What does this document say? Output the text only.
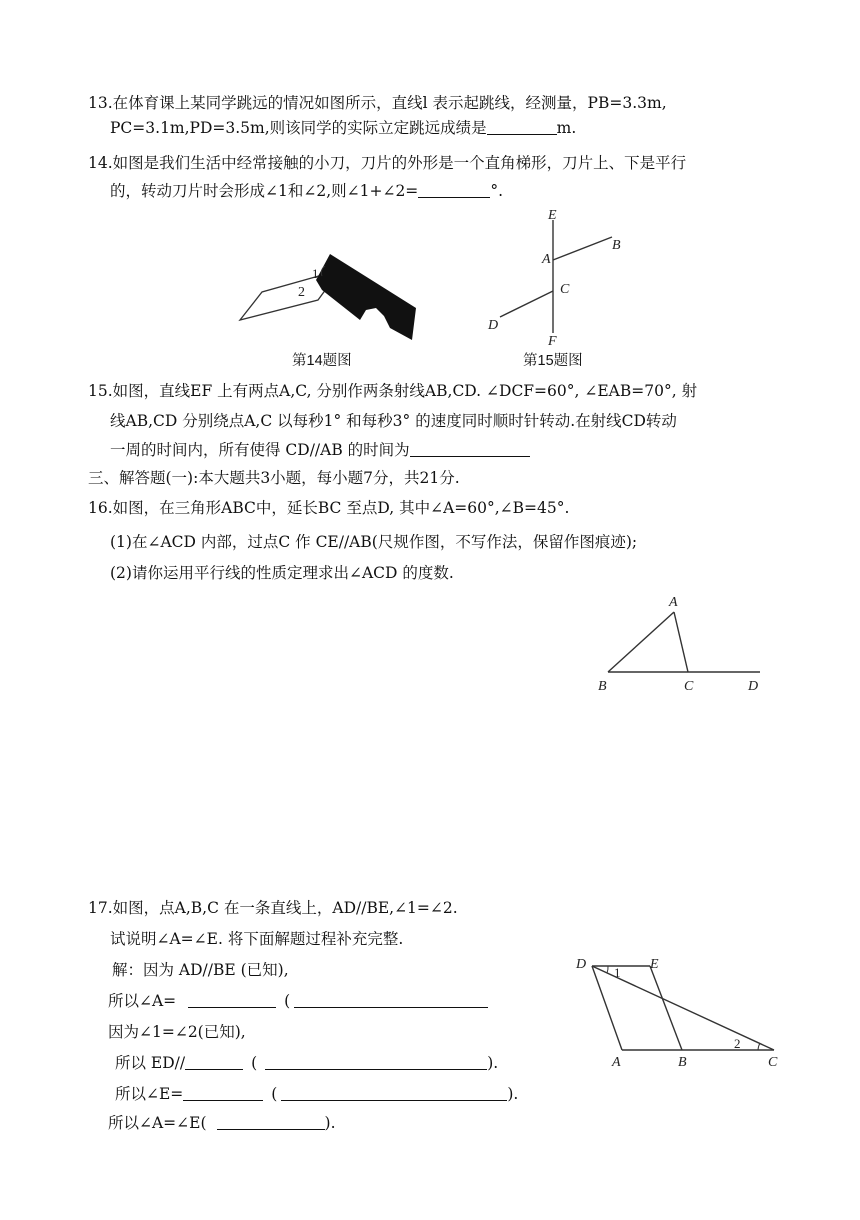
13.在体育课上某同学跳远的情况如图所示，直线l 表示起跳线，经测量，PB=3.3m,
PC=3.1m,PD=3.5m,则该同学的实际立定跳远成绩是	m.
14.如图是我们生活中经常接触的小刀，刀片的外形是一个直角梯形，刀片上、下是平行
的，转动刀片时会形成∠1和∠2,则∠1+∠2=	°.
1
2
第14题图
E
A
B
C
D
F
第15题图
15.如图，直线EF 上有两点A,C, 分别作两条射线AB,CD. ∠DCF=60°, ∠EAB=70°, 射
线AB,CD 分别绕点A,C 以每秒1° 和每秒3° 的速度同时顺时针转动.在射线CD转动
一周的时间内，所有使得 CD//AB 的时间为
三、解答题(一):本大题共3小题，每小题7分，共21分.
16.如图，在三角形ABC中，延长BC 至点D, 其中∠A=60°,∠B=45°.
(1)在∠ACD 内部，过点C 作 CE//AB(尺规作图，不写作法，保留作图痕迹);
(2)请你运用平行线的性质定理求出∠ACD 的度数.
A
B	C	D
17.如图，点A,B,C 在一条直线上，AD//BE,∠1=∠2.
试说明∠A=∠E. 将下面解题过程补充完整.
解：因为 AD//BE (已知),
所以∠A=	(
因为∠1=∠2(已知),
所以 ED//	(	).
所以∠E=	(	).
所以∠A=∠E(	).
D	E
A	B	C
1
2
